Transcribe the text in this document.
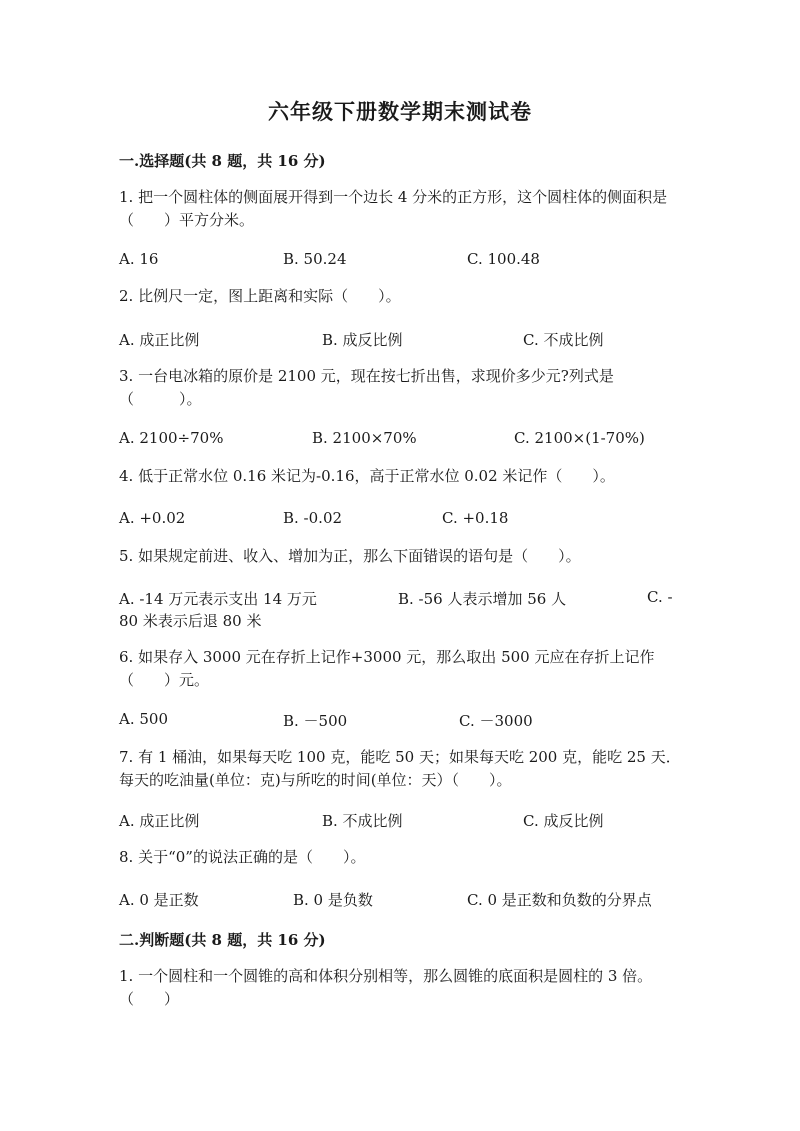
六年级下册数学期末测试卷
一.选择题(共 8 题，共 16 分)
1. 把一个圆柱体的侧面展开得到一个边长 4 分米的正方形，这个圆柱体的侧面积是（　　）平方分米。
A. 16	B. 50.24	C. 100.48
2. 比例尺一定，图上距离和实际（　　）。
A. 成正比例	B. 成反比例	C. 不成比例
3. 一台电冰箱的原价是 2100 元，现在按七折出售，求现价多少元?列式是（　　　）。
A. 2100÷70%	B. 2100×70%	C. 2100×(1-70%)
4. 低于正常水位 0.16 米记为-0.16，高于正常水位 0.02 米记作（　　）。
A. +0.02	B. -0.02	C. +0.18
5. 如果规定前进、收入、增加为正，那么下面错误的语句是（　　）。
A. -14 万元表示支出 14 万元	B. -56 人表示增加 56 人	C. -
80 米表示后退 80 米
6. 如果存入 3000 元在存折上记作+3000 元，那么取出 500 元应在存折上记作（　　）元。
A. 500	B. －500	C. －3000
7. 有 1 桶油，如果每天吃 100 克，能吃 50 天；如果每天吃 200 克，能吃 25 天．每天的吃油量(单位：克)与所吃的时间(单位：天）（　　）。
A. 成正比例	B. 不成比例	C. 成反比例
8. 关于“0”的说法正确的是（　　）。
A. 0 是正数	B. 0 是负数	C. 0 是正数和负数的分界点
二.判断题(共 8 题，共 16 分)
1. 一个圆柱和一个圆锥的高和体积分别相等，那么圆锥的底面积是圆柱的 3 倍。（　　）
